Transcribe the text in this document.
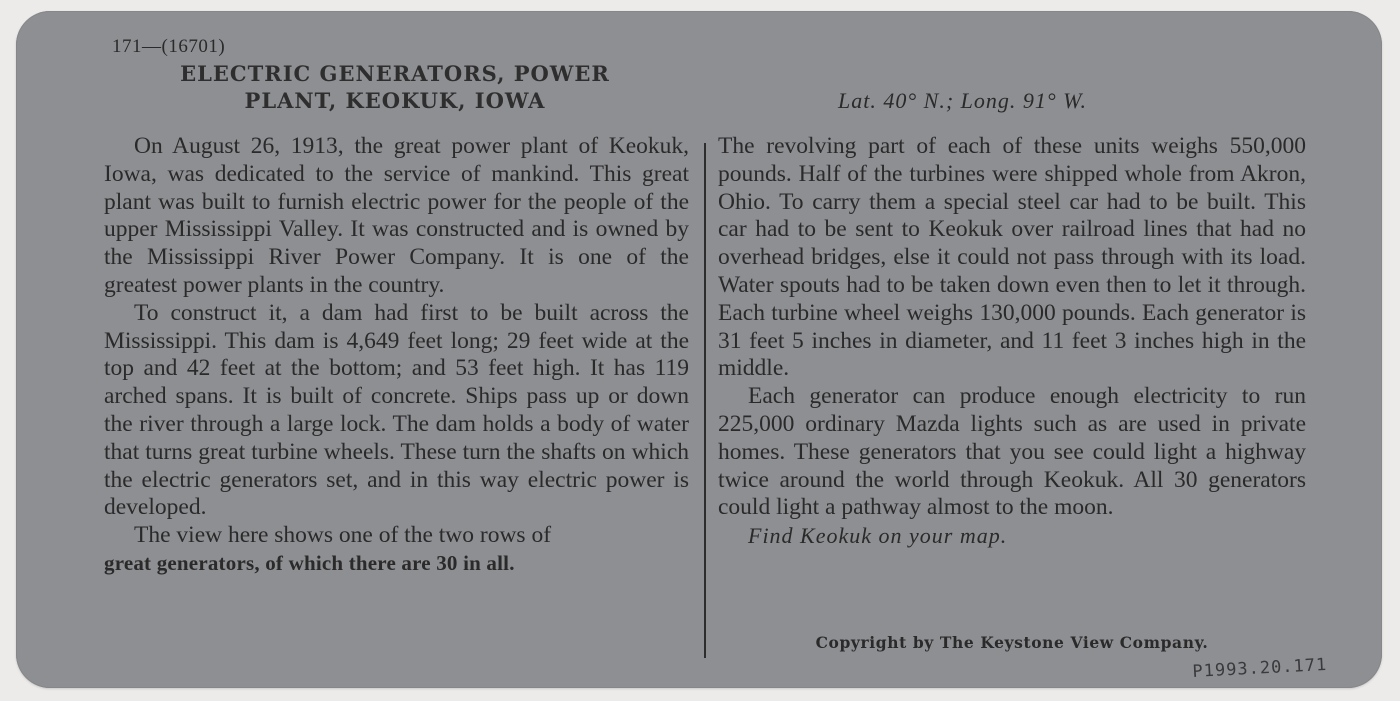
171—(16701)
ELECTRIC GENERATORS, POWER
PLANT, KEOKUK, IOWA	Lat. 40° N.; Long. 91° W.

On August 26, 1913, the great power plant of Keokuk, Iowa, was dedicated to the service of mankind. This great plant was built to furnish electric power for the people of the upper Mississippi Valley. It was constructed and is owned by the Mississippi River Power Company. It is one of the greatest power plants in the country.

To construct it, a dam had first to be built across the Mississippi. This dam is 4,649 feet long; 29 feet wide at the top and 42 feet at the bottom; and 53 feet high. It has 119 arched spans. It is built of concrete. Ships pass up or down the river through a large lock. The dam holds a body of water that turns great turbine wheels. These turn the shafts on which the electric generators set, and in this way electric power is developed.

The view here shows one of the two rows of

great generators, of which there are 30 in all.

The revolving part of each of these units weighs 550,000 pounds. Half of the turbines were shipped whole from Akron, Ohio. To carry them a special steel car had to be built. This car had to be sent to Keokuk over railroad lines that had no overhead bridges, else it could not pass through with its load. Water spouts had to be taken down even then to let it through. Each turbine wheel weighs 130,000 pounds. Each generator is 31 feet 5 inches in diameter, and 11 feet 3 inches high in the middle.

Each generator can produce enough electricity to run 225,000 ordinary Mazda lights such as are used in private homes. These generators that you see could light a highway twice around the world through Keokuk. All 30 generators could light a pathway almost to the moon.

Find Keokuk on your map.

Copyright by The Keystone View Company.
P1993.20.171
